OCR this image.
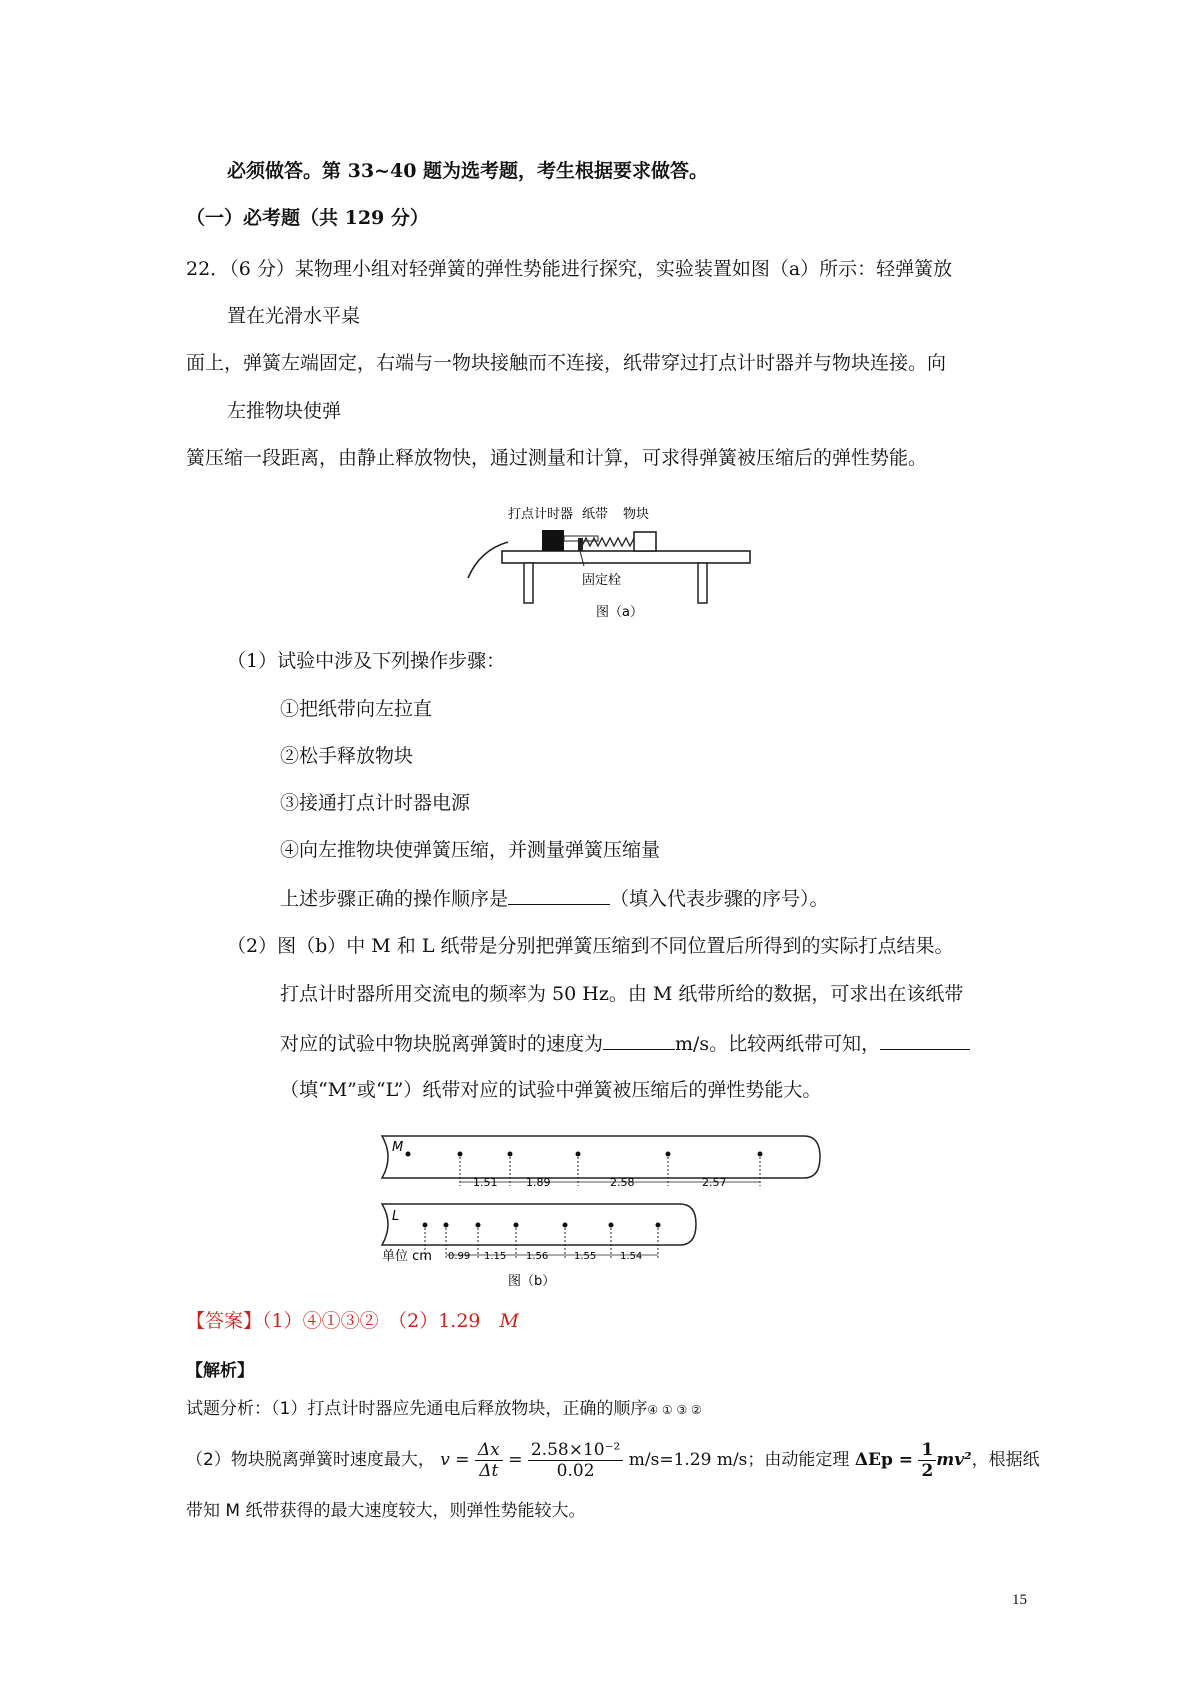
必须做答。第 33~40 题为选考题，考生根据要求做答。
（一）必考题（共 129 分）
22．（6 分）某物理小组对轻弹簧的弹性势能进行探究，实验装置如图（a）所示：轻弹簧放
置在光滑水平桌
面上，弹簧左端固定，右端与一物块接触而不连接，纸带穿过打点计时器并与物块连接。向
左推物块使弹
簧压缩一段距离，由静止释放物快，通过测量和计算，可求得弹簧被压缩后的弹性势能。
打点计时器 纸带 物块
固定栓
图（a）
（1）试验中涉及下列操作步骤：
①把纸带向左拉直
②松手释放物块
③接通打点计时器电源
④向左推物块使弹簧压缩，并测量弹簧压缩量
上述步骤正确的操作顺序是	（填入代表步骤的序号）。
（2）图（b）中 M 和 L 纸带是分别把弹簧压缩到不同位置后所得到的实际打点结果。
打点计时器所用交流电的频率为 50 Hz。由 M 纸带所给的数据，可求出在该纸带
对应的试验中物块脱离弹簧时的速度为	m/s。比较两纸带可知，
（填“M”或“L”）纸带对应的试验中弹簧被压缩后的弹性势能大。
M
1.51	1.89	2.58	2.57
L
单位 cm 0.99 1.15 1.56	1.55 1.54
图（b）
【答案】（1）④①③②　（2）1.29　M
【解析】
试题分析：（1）打点计时器应先通电后释放物块，正确的顺序④ ① ③ ②
（2）物块脱离弹簧时速度最大， $v = \frac{\Delta x}{\Delta t} = \frac{\text{2.58×10⁻²}}{0.02} m/s=1.29$ m/s；由动能定理 $\Delta Ep = \frac{1}{2} mv^2$，根据纸
带知 M 纸带获得的最大速度较大，则弹性势能较大。
15
